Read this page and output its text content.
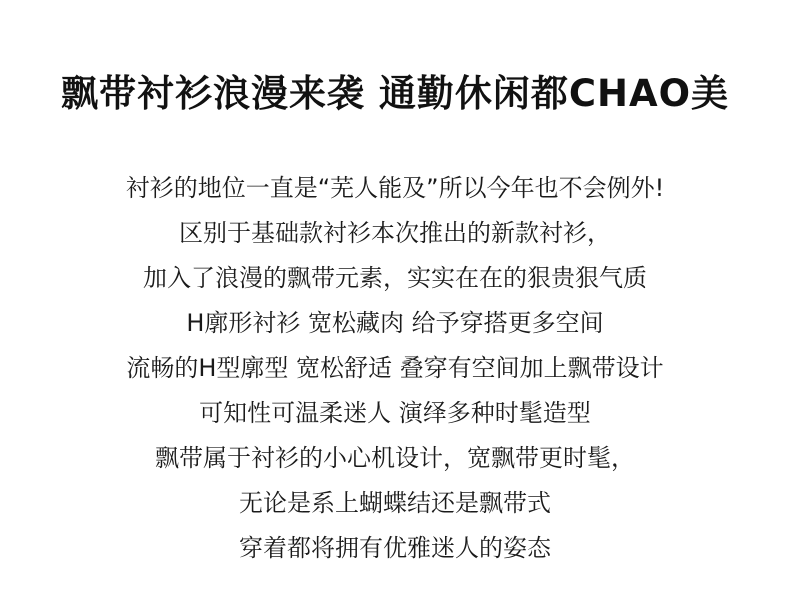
飘带衬衫浪漫来袭 通勤休闲都CHAO美
衬衫的地位一直是“芜人能及”所以今年也不会例外!
区别于基础款衬衫本次推出的新款衬衫，
加入了浪漫的飘带元素，实实在在的狠贵狠气质
H廓形衬衫 宽松藏肉 给予穿搭更多空间
流畅的H型廓型 宽松舒适 叠穿有空间加上飘带设计
可知性可温柔迷人 演绎多种时髦造型
飘带属于衬衫的小心机设计，宽飘带更时髦，
无论是系上蝴蝶结还是飘带式
穿着都将拥有优雅迷人的姿态
